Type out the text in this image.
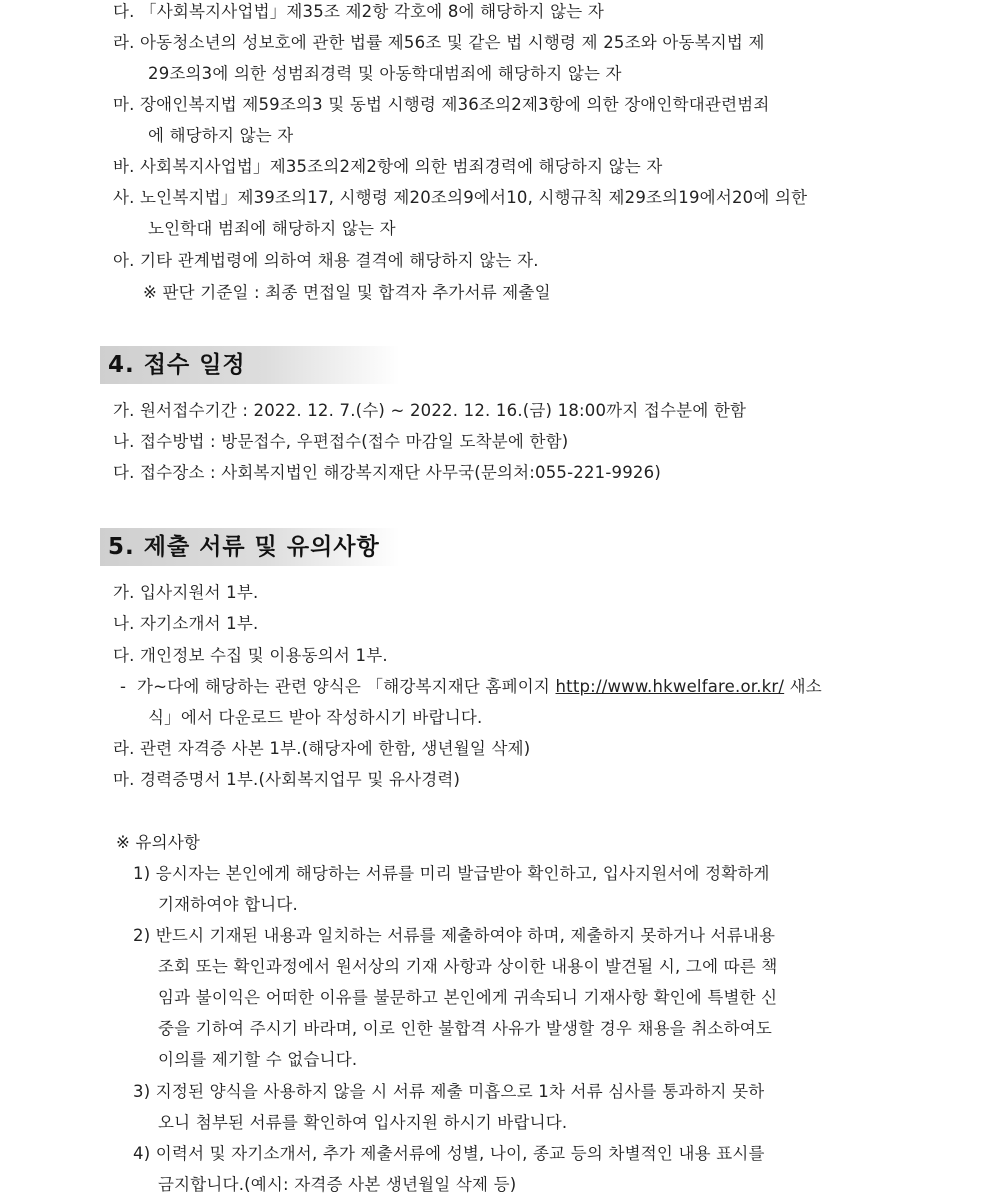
다. 「사회복지사업법」제35조 제2항 각호에 8에 해당하지 않는 자
라. 아동청소년의 성보호에 관한 법률 제56조 및 같은 법 시행령 제 25조와 아동복지법 제
29조의3에 의한 성범죄경력 및 아동학대범죄에 해당하지 않는 자
마. 장애인복지법 제59조의3 및 동법 시행령 제36조의2제3항에 의한 장애인학대관련범죄
에 해당하지 않는 자
바. 사회복지사업법」제35조의2제2항에 의한 범죄경력에 해당하지 않는 자
사. 노인복지법」제39조의17, 시행령 제20조의9에서10, 시행규칙 제29조의19에서20에 의한
노인학대 범죄에 해당하지 않는 자
아. 기타 관계법령에 의하여 채용 결격에 해당하지 않는 자.
※ 판단 기준일 : 최종 면접일 및 합격자 추가서류 제출일
4. 접수 일정
가. 원서접수기간 : 2022. 12. 7.(수) ~ 2022. 12. 16.(금) 18:00까지 접수분에 한함
나. 접수방법 : 방문접수, 우편접수(접수 마감일 도착분에 한함)
다. 접수장소 : 사회복지법인 해강복지재단 사무국(문의처:055-221-9926)
5. 제출 서류 및 유의사항
가. 입사지원서 1부.
나. 자기소개서 1부.
다. 개인정보 수집 및 이용동의서 1부.
- 가~다에 해당하는 관련 양식은 「해강복지재단 홈페이지 http://www.hkwelfare.or.kr/ 새소
식」에서 다운로드 받아 작성하시기 바랍니다.
라. 관련 자격증 사본 1부.(해당자에 한함, 생년월일 삭제)
마. 경력증명서 1부.(사회복지업무 및 유사경력)
※ 유의사항
1) 응시자는 본인에게 해당하는 서류를 미리 발급받아 확인하고, 입사지원서에 정확하게
기재하여야 합니다.
2) 반드시 기재된 내용과 일치하는 서류를 제출하여야 하며, 제출하지 못하거나 서류내용
조회 또는 확인과정에서 원서상의 기재 사항과 상이한 내용이 발견될 시, 그에 따른 책
임과 불이익은 어떠한 이유를 불문하고 본인에게 귀속되니 기재사항 확인에 특별한 신
중을 기하여 주시기 바라며, 이로 인한 불합격 사유가 발생할 경우 채용을 취소하여도
이의를 제기할 수 없습니다.
3) 지정된 양식을 사용하지 않을 시 서류 제출 미흡으로 1차 서류 심사를 통과하지 못하
오니 첨부된 서류를 확인하여 입사지원 하시기 바랍니다.
4) 이력서 및 자기소개서, 추가 제출서류에 성별, 나이, 종교 등의 차별적인 내용 표시를
금지합니다.(예시: 자격증 사본 생년월일 삭제 등)
